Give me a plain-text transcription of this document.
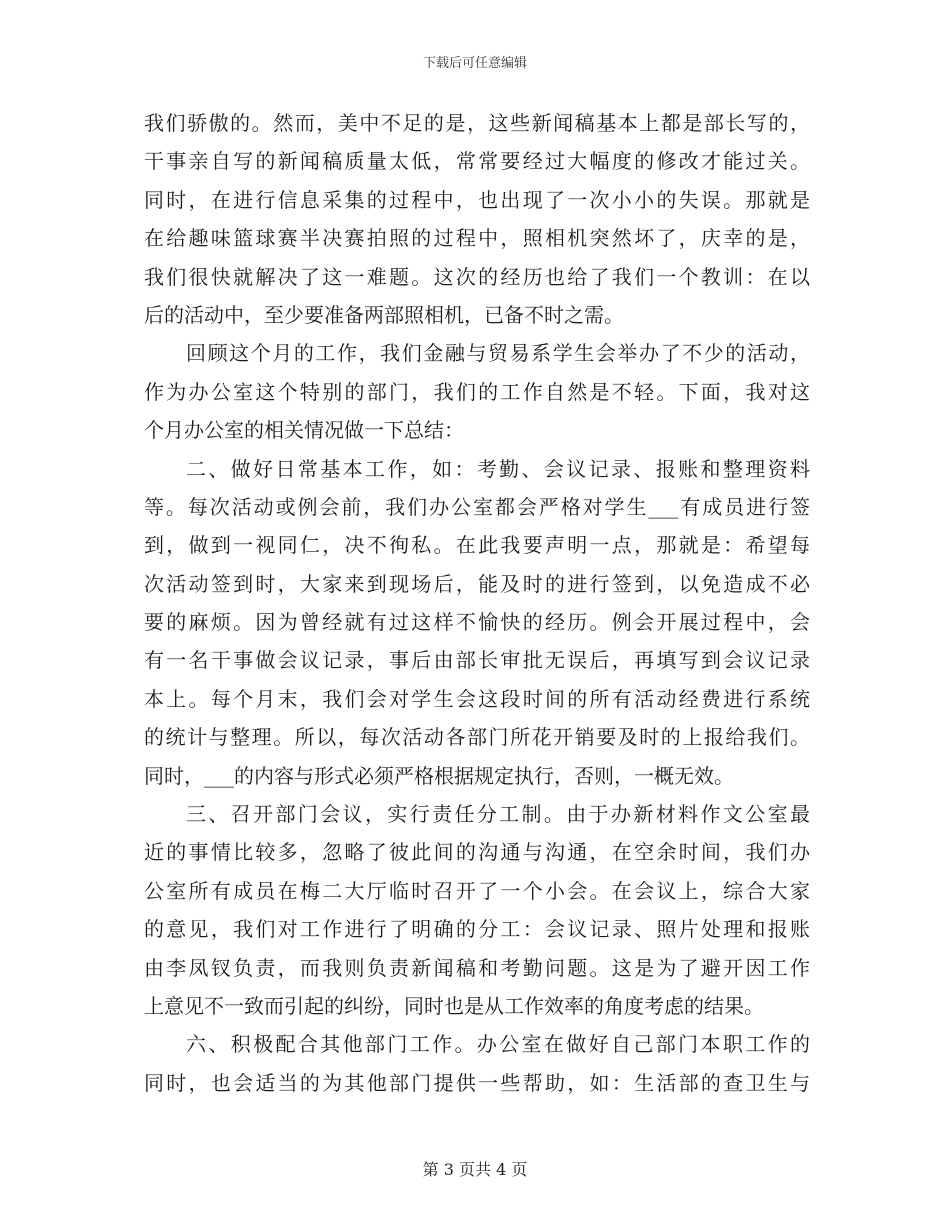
下载后可任意编辑
我们骄傲的。然而，美中不足的是，这些新闻稿基本上都是部长写的，
干事亲自写的新闻稿质量太低，常常要经过大幅度的修改才能过关。
同时，在进行信息采集的过程中，也出现了一次小小的失误。那就是
在给趣味篮球赛半决赛拍照的过程中，照相机突然坏了，庆幸的是，
我们很快就解决了这一难题。这次的经历也给了我们一个教训：在以
后的活动中，至少要准备两部照相机，已备不时之需。
回顾这个月的工作，我们金融与贸易系学生会举办了不少的活动，
作为办公室这个特别的部门，我们的工作自然是不轻。下面，我对这
个月办公室的相关情况做一下总结：
二、做好日常基本工作，如：考勤、会议记录、报账和整理资料
等。每次活动或例会前，我们办公室都会严格对学生___有成员进行签
到，做到一视同仁，决不徇私。在此我要声明一点，那就是：希望每
次活动签到时，大家来到现场后，能及时的进行签到，以免造成不必
要的麻烦。因为曾经就有过这样不愉快的经历。例会开展过程中，会
有一名干事做会议记录，事后由部长审批无误后，再填写到会议记录
本上。每个月末，我们会对学生会这段时间的所有活动经费进行系统
的统计与整理。所以，每次活动各部门所花开销要及时的上报给我们。
同时，___的内容与形式必须严格根据规定执行，否则，一概无效。
三、召开部门会议，实行责任分工制。由于办新材料作文公室最
近的事情比较多，忽略了彼此间的沟通与沟通，在空余时间，我们办
公室所有成员在梅二大厅临时召开了一个小会。在会议上，综合大家
的意见，我们对工作进行了明确的分工：会议记录、照片处理和报账
由李凤钗负责，而我则负责新闻稿和考勤问题。这是为了避开因工作
上意见不一致而引起的纠纷，同时也是从工作效率的角度考虑的结果。
六、积极配合其他部门工作。办公室在做好自己部门本职工作的
同时，也会适当的为其他部门提供一些帮助，如：生活部的查卫生与
第 3 页共 4 页
